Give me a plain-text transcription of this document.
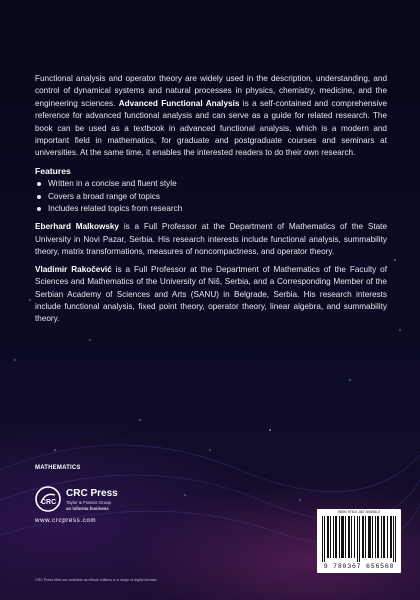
Functional analysis and operator theory are widely used in the description, understanding, and control of dynamical systems and natural processes in physics, chemistry, medicine, and the engineering sciences. Advanced Functional Analysis is a self-contained and comprehensive reference for advanced functional analysis and can serve as a guide for related research. The book can be used as a textbook in advanced functional analysis, which is a modern and important field in mathematics, for graduate and postgraduate courses and seminars at universities. At the same time, it enables the interested readers to do their own research.

Features
Written in a concise and fluent style
Covers a broad range of topics
Includes related topics from research

Eberhard Malkowsky is a Full Professor at the Department of Mathematics of the State University in Novi Pazar, Serbia. His research interests include functional analysis, summability theory, matrix transformations, measures of noncompactness, and operator theory.

Vladimir Rakočević is a Full Professor at the Department of Mathematics of the Faculty of Sciences and Mathematics of the University of Niš, Serbia, and a Corresponding Member of the Serbian Academy of Sciences and Arts (SANU) in Belgrade, Serbia. His research interests include functional analysis, fixed point theory, operator theory, linear algebra, and summability theory.

MATHEMATICS
CRC
CRC Press
Taylor & Francis Group
an informa business
www.crcpress.com
CRC Press titles are available as eBook editions in a range of digital formats
ISBN 978-0-367-65656-0
9 780367 656560
